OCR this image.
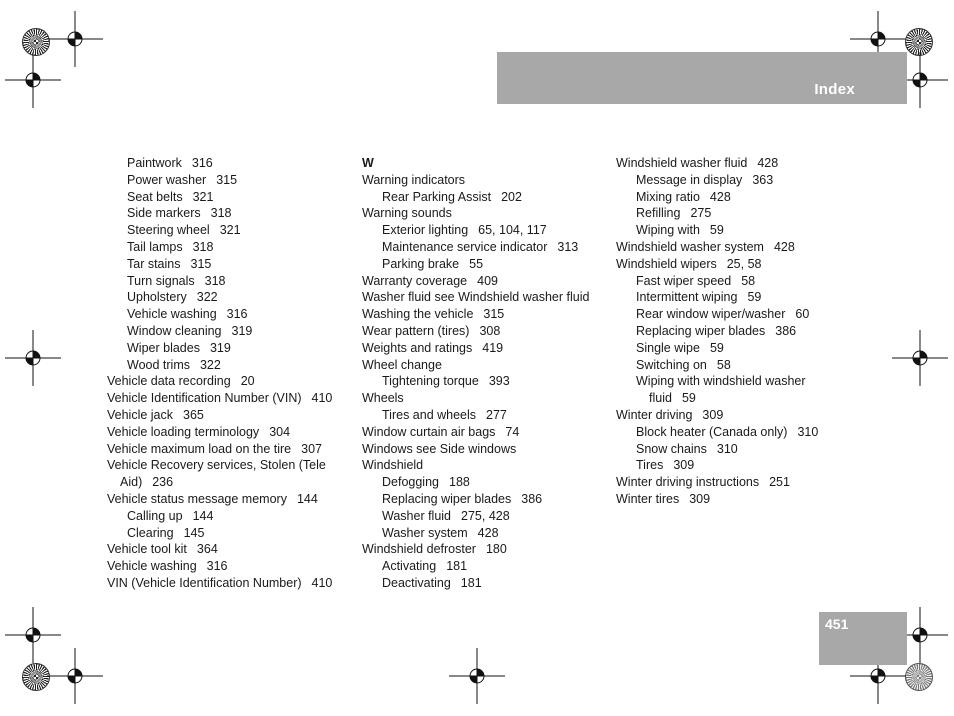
Index
Paintwork 316
Power washer 315
Seat belts 321
Side markers 318
Steering wheel 321
Tail lamps 318
Tar stains 315
Turn signals 318
Upholstery 322
Vehicle washing 316
Window cleaning 319
Wiper blades 319
Wood trims 322
Vehicle data recording 20
Vehicle Identification Number (VIN) 410
Vehicle jack 365
Vehicle loading terminology 304
Vehicle maximum load on the tire 307
Vehicle Recovery services, Stolen (Tele
Aid) 236
Vehicle status message memory 144
Calling up 144
Clearing 145
Vehicle tool kit 364
Vehicle washing 316
VIN (Vehicle Identification Number) 410
W
Warning indicators
Rear Parking Assist 202
Warning sounds
Exterior lighting 65, 104, 117
Maintenance service indicator 313
Parking brake 55
Warranty coverage 409
Washer fluid see Windshield washer fluid
Washing the vehicle 315
Wear pattern (tires) 308
Weights and ratings 419
Wheel change
Tightening torque 393
Wheels
Tires and wheels 277
Window curtain air bags 74
Windows see Side windows
Windshield
Defogging 188
Replacing wiper blades 386
Washer fluid 275, 428
Washer system 428
Windshield defroster 180
Activating 181
Deactivating 181
Windshield washer fluid 428
Message in display 363
Mixing ratio 428
Refilling 275
Wiping with 59
Windshield washer system 428
Windshield wipers 25, 58
Fast wiper speed 58
Intermittent wiping 59
Rear window wiper/washer 60
Replacing wiper blades 386
Single wipe 59
Switching on 58
Wiping with windshield washer
fluid 59
Winter driving 309
Block heater (Canada only) 310
Snow chains 310
Tires 309
Winter driving instructions 251
Winter tires 309
451
